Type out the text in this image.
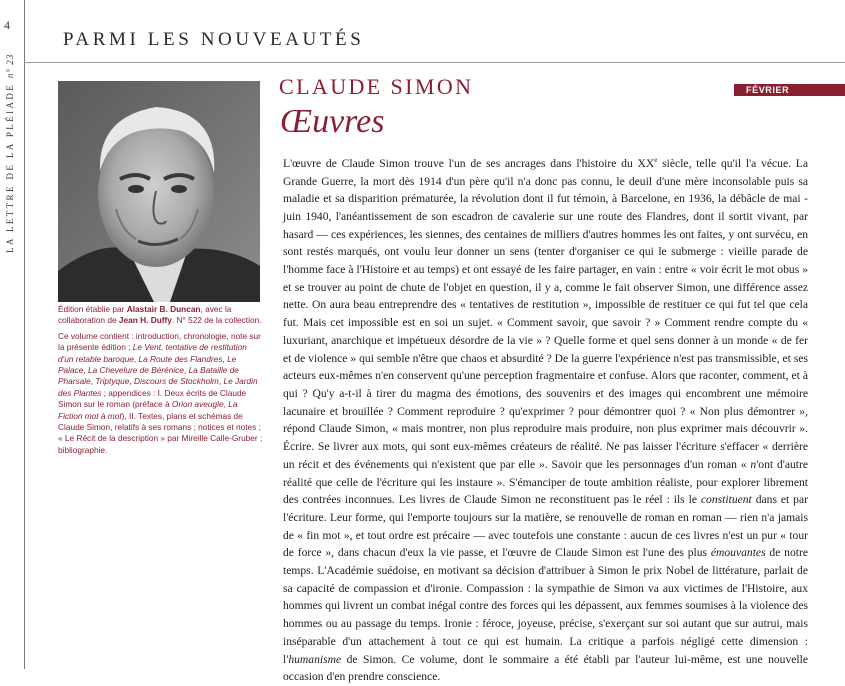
4
LA LETTRE DE LA PLÉIADE n° 23
PARMI LES NOUVEAUTÉS

Édition établie par Alastair B. Duncan, avec la collaboration de Jean H. Duffy. N° 522 de la collection.

Ce volume contient : introduction, chronologie, note sur la présente édition ; Le Vent, tentative de restitution d'un retable baroque, La Route des Flandres, Le Palace, La Chevelure de Bérénice, La Bataille de Pharsale, Triptyque, Discours de Stockholm, Le Jardin des Plantes ; appendices : I. Deux écrits de Claude Simon sur le roman (préface à Orion aveugle, La Fiction mot à mot), II. Textes, plans et schémas de Claude Simon, relatifs à ses romans ; notices et notes ; « Le Récit de la description » par Mireille Calle-Gruber ; bibliographie.

CLAUDE SIMON	FÉVRIER
Œuvres

L'œuvre de Claude Simon trouve l'un de ses ancrages dans l'histoire du XXe siècle, telle qu'il l'a vécue. La Grande Guerre, la mort dès 1914 d'un père qu'il n'a donc pas connu, le deuil d'une mère inconsolable puis sa maladie et sa disparition prématurée, la révolution dont il fut témoin, à Barcelone, en 1936, la débâcle de mai - juin 1940, l'anéantissement de son escadron de cavalerie sur une route des Flandres, dont il sortit vivant, par hasard — ces expériences, les siennes, des centaines de milliers d'autres hommes les ont faites, y ont survécu, en sont restés marqués, ont voulu leur donner un sens (tenter d'organiser ce qui le submerge : vieille parade de l'homme face à l'Histoire et au temps) et ont essayé de les faire partager, en vain : entre « voir écrit le mot obus » et se trouver au point de chute de l'objet en question, il y a, comme le fait observer Simon, une différence assez nette. On aura beau entreprendre des « tentatives de restitution », impossible de restituer ce qui fut tel que cela fut. Mais cet impossible est en soi un sujet. « Comment savoir, que savoir ? » Comment rendre compte du « luxuriant, anarchique et impétueux désordre de la vie » ? Quelle forme et quel sens donner à un monde « de fer et de violence » qui semble n'être que chaos et absurdité ? De la guerre l'expérience n'est pas transmissible, et ses acteurs eux-mêmes n'en conservent qu'une perception fragmentaire et confuse. Alors que raconter, comment, et à qui ? Qu'y a-t-il à tirer du magma des émotions, des souvenirs et des images qui encombrent une mémoire lacunaire et brouillée ? Comment reproduire ? qu'exprimer ? pour démontrer quoi ? « Non plus démontrer », répond Claude Simon, « mais montrer, non plus reproduire mais produire, non plus exprimer mais découvrir ». Écrire. Se livrer aux mots, qui sont eux-mêmes créateurs de réalité. Ne pas laisser l'écriture s'effacer « derrière un récit et des événements qui n'existent que par elle ». Savoir que les personnages d'un roman « n'ont d'autre réalité que celle de l'écriture qui les instaure ». S'émanciper de toute ambition réaliste, pour explorer librement des contrées inconnues. Les livres de Claude Simon ne reconstituent pas le réel : ils le constituent dans et par l'écriture. Leur forme, qui l'emporte toujours sur la matière, se renouvelle de roman en roman — rien n'a jamais de « fin mot », et tout ordre est précaire — avec toutefois une constante : aucun de ces livres n'est un pur « tour de force », dans chacun d'eux la vie passe, et l'œuvre de Claude Simon est l'une des plus émouvantes de notre temps. L'Académie suédoise, en motivant sa décision d'attribuer à Simon le prix Nobel de littérature, parlait de sa capacité de compassion et d'ironie. Compassion : la sympathie de Simon va aux victimes de l'Histoire, aux hommes qui livrent un combat inégal contre des forces qui les dépassent, aux femmes soumises à la violence des hommes ou au passage du temps. Ironie : féroce, joyeuse, précise, s'exerçant sur soi autant que sur autrui, mais inséparable d'un attachement à tout ce qui est humain. La critique a parfois négligé cette dimension : l'humanisme de Simon. Ce volume, dont le sommaire a été établi par l'auteur lui-même, est une nouvelle occasion d'en prendre conscience.
